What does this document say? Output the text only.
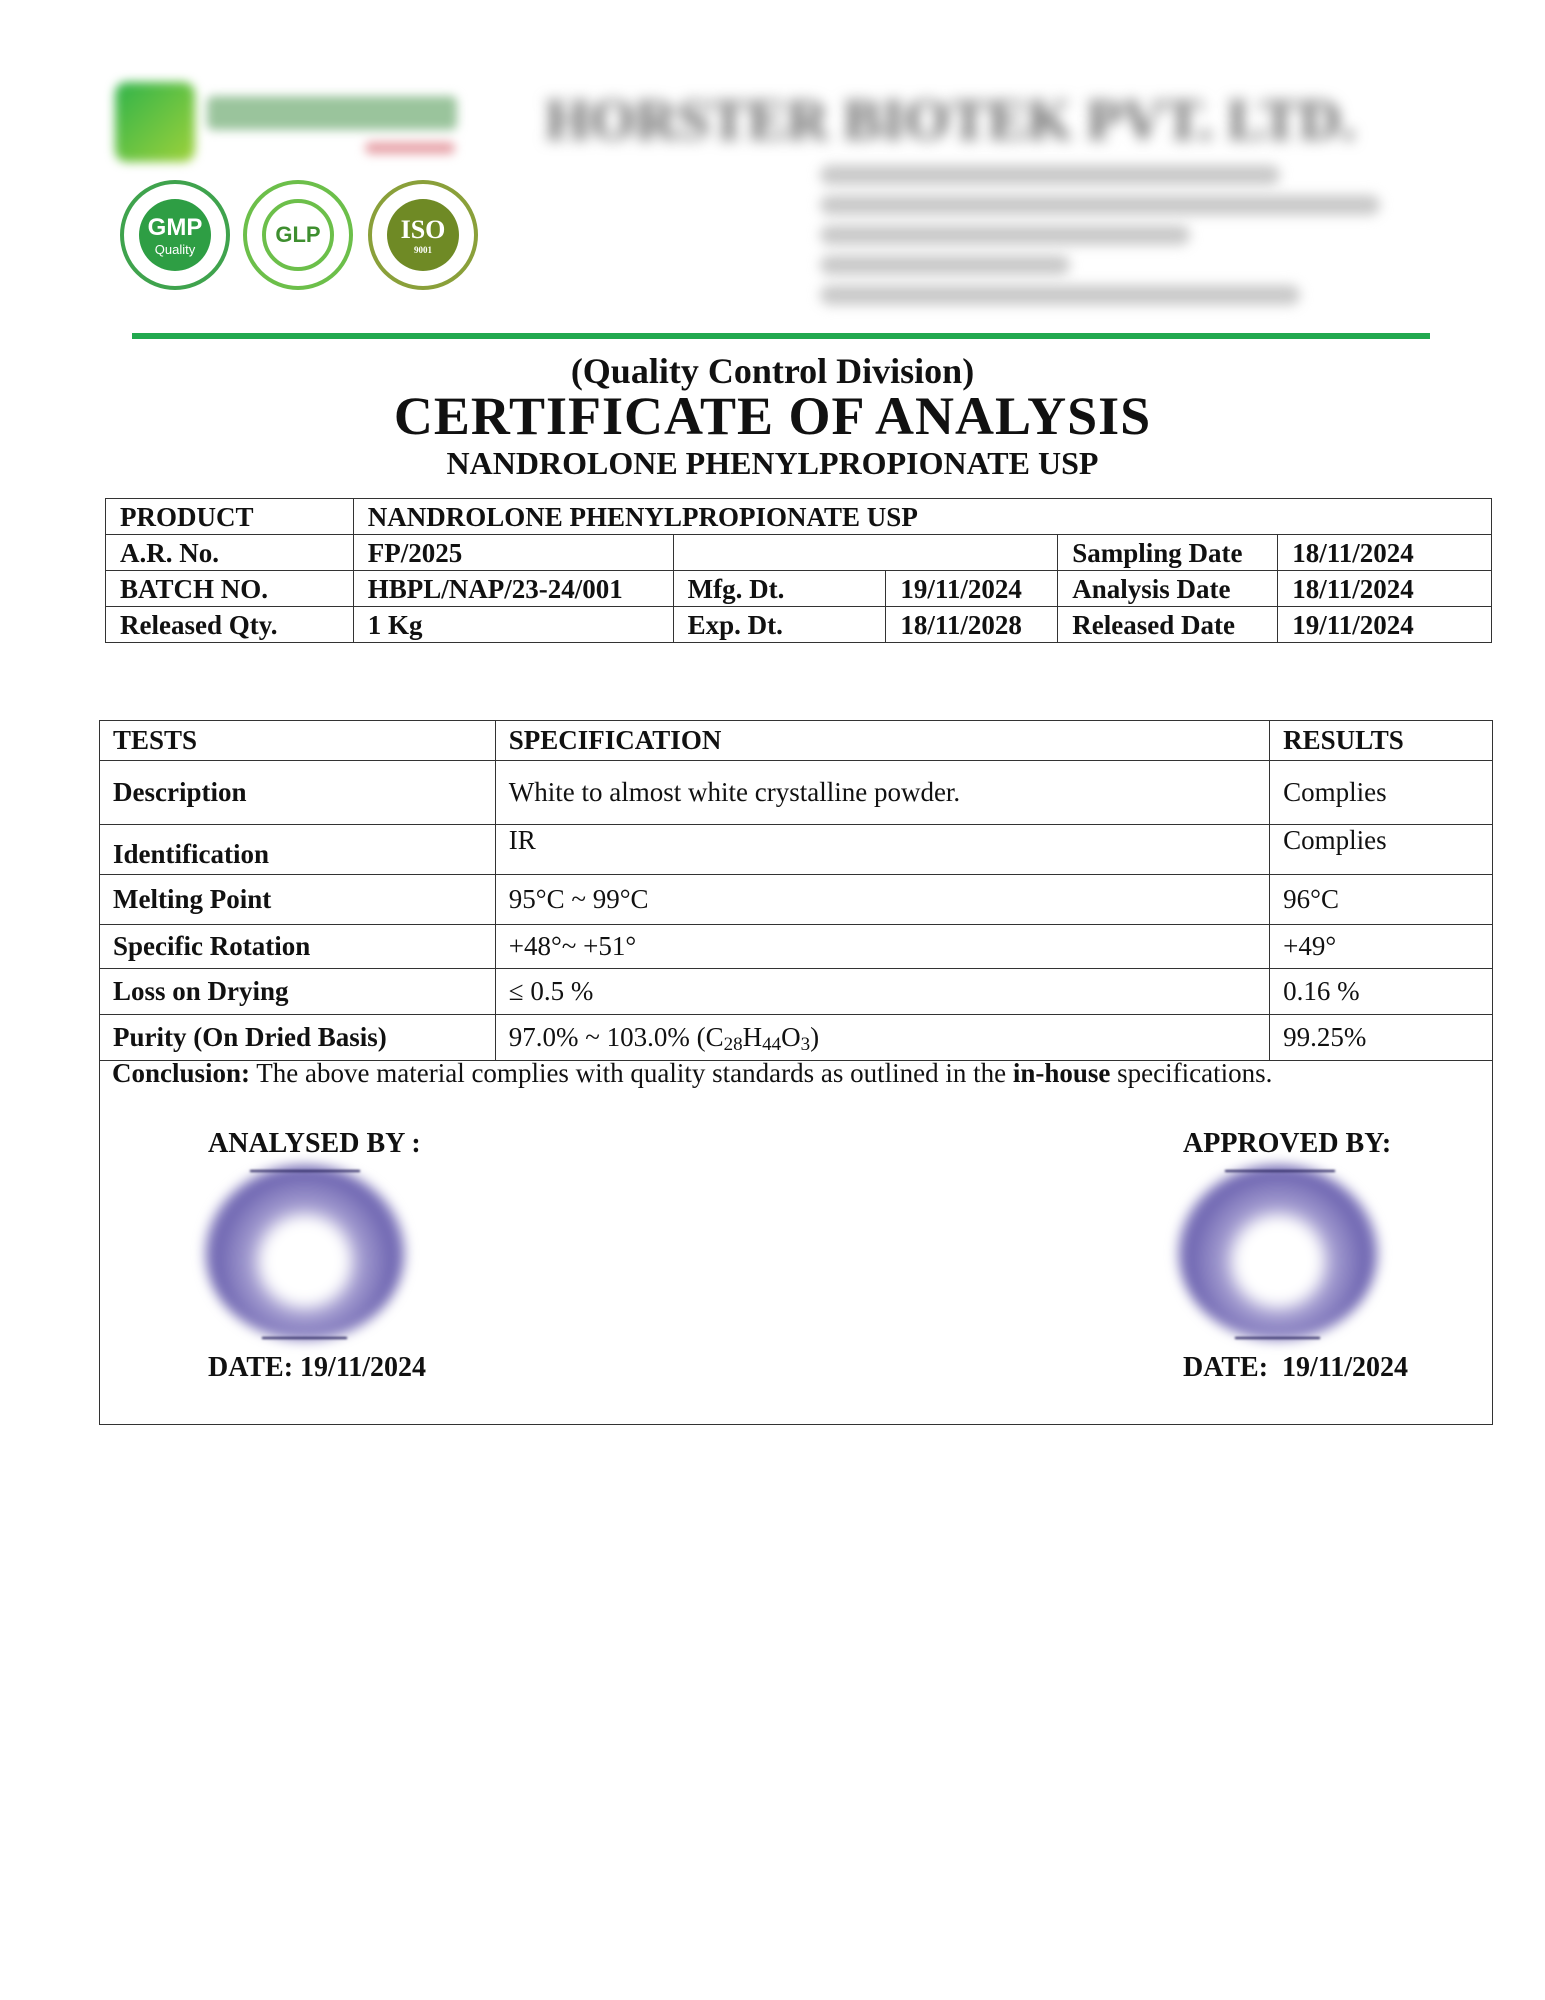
HORSTER BIOTEK PVT. LTD.
GMP
Quality
GLP	ISO
9001
(Quality Control Division)
CERTIFICATE OF ANALYSIS
NANDROLONE PHENYLPROPIONATE USP
PRODUCT	NANDROLONE PHENYLPROPIONATE USP				
A.R. No.	FP/2025			Sampling Date	18/11/2024
BATCH NO.	HBPL/NAP/23-24/001	Mfg. Dt.	19/11/2024	Analysis Date	18/11/2024
Released Qty.	1 Kg	Exp. Dt.	18/11/2028	Released Date	19/11/2024
TESTS	SPECIFICATION	RESULTS
Description	White to almost white crystalline powder.	Complies
Identification	IR	Complies
Melting Point	95°C ~ 99°C	96°C
Specific Rotation	+48°~ +51°	+49°
Loss on Drying	≤ 0.5 %	0.16 %
Purity (On Dried Basis)	97.0% ~ 103.0% $(C_{28}H_{44}O_3)$	99.25%
Conclusion: The above material complies with quality standards as outlined in the in-house specifications.
ANALYSED BY :	APPROVED BY:
DATE: 19/11/2024	DATE:  19/11/2024
